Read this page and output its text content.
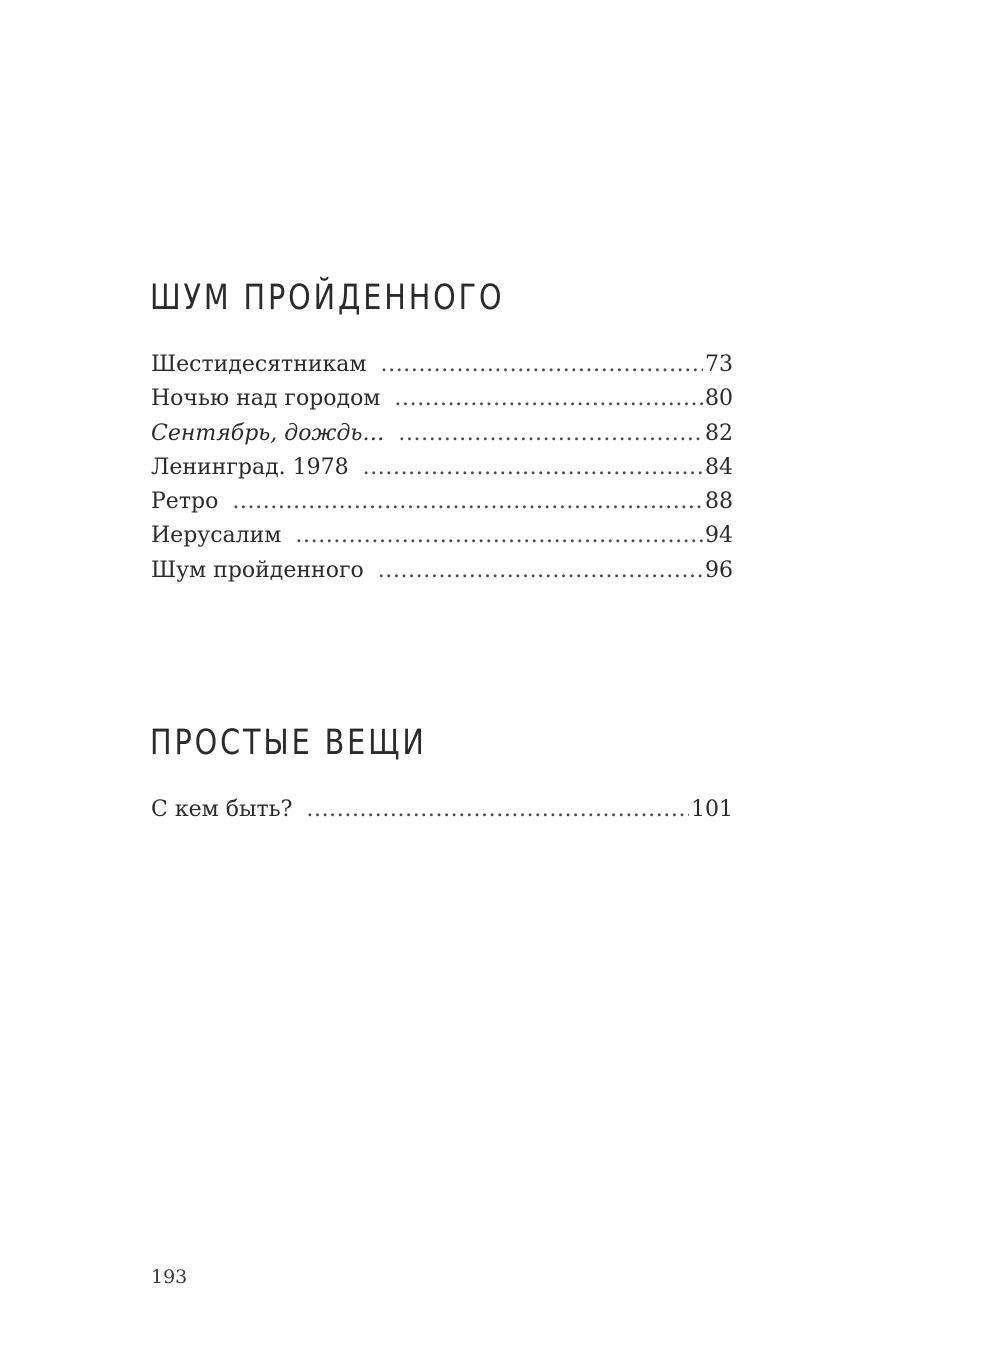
ШУМ ПРОЙДЕННОГО
Шестидесятникам .....	73
Ночью над городом .....	80
Сентябрь, дождь… .....	82
Ленинград. 1978 .....	84
Ретро .....	88
Иерусалим .....	94
Шум пройденного .....	96
ПРОСТЫЕ ВЕЩИ
С кем быть? .....	101
193
